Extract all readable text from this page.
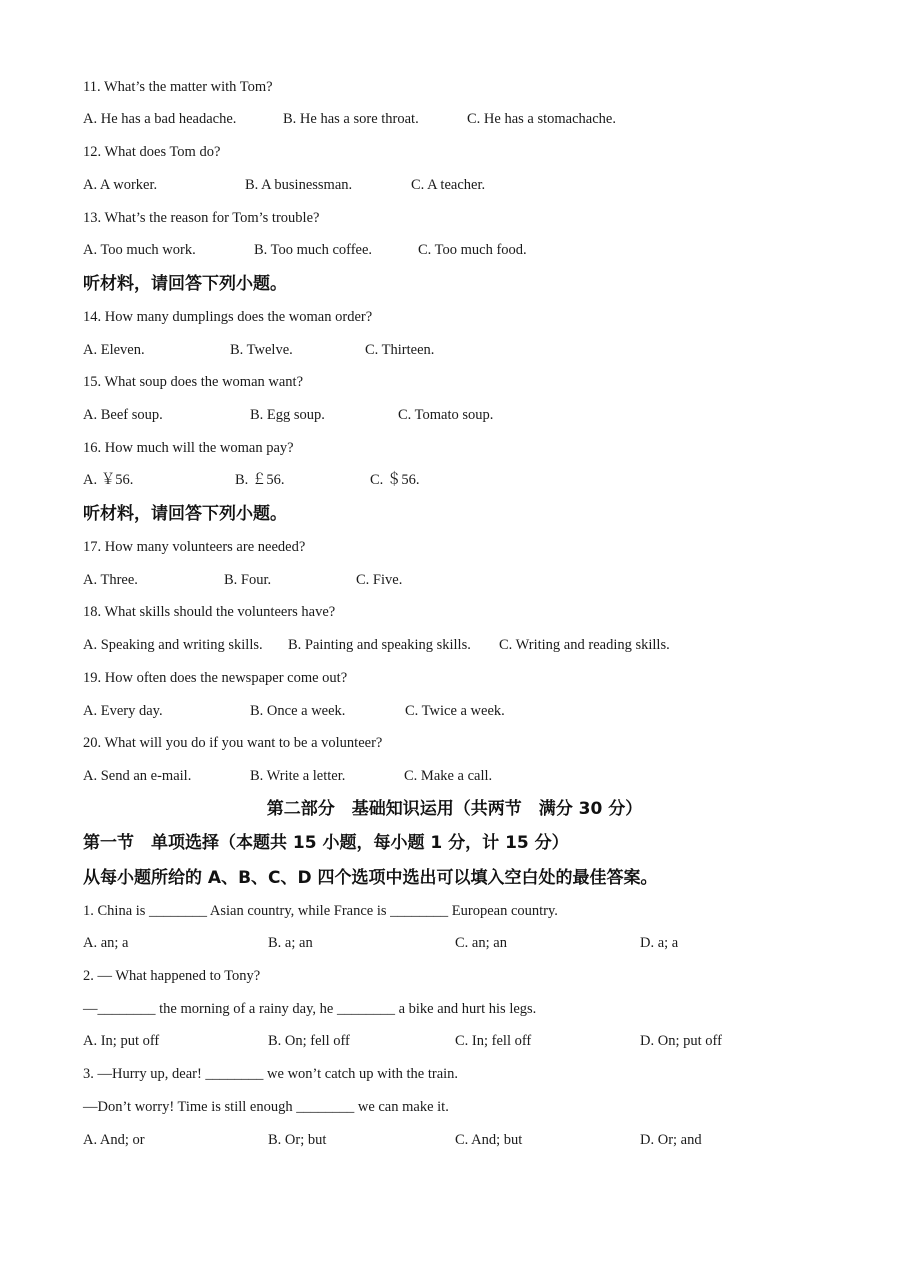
11. What’s the matter with Tom?
A. He has a bad headache.	B. He has a sore throat.	C. He has a stomachache.
12. What does Tom do?
A. A worker.	B. A businessman.	C. A teacher.
13. What’s the reason for Tom’s trouble?
A. Too much work.	B. Too much coffee.	C. Too much food.
听材料，请回答下列小题。
14. How many dumplings does the woman order?
A. Eleven.	B. Twelve.	C. Thirteen.
15. What soup does the woman want?
A. Beef soup.	B. Egg soup.	C. Tomato soup.
16. How much will the woman pay?
A. ￥56.	B. ￡56.	C. ＄56.
听材料，请回答下列小题。
17. How many volunteers are needed?
A. Three.	B. Four.	C. Five.
18. What skills should the volunteers have?
A. Speaking and writing skills. B. Painting and speaking skills. C. Writing and reading skills.
19. How often does the newspaper come out?
A. Every day.	B. Once a week.	C. Twice a week.
20. What will you do if you want to be a volunteer?
A. Send an e-mail.	B. Write a letter.	C. Make a call.
第二部分　基础知识运用（共两节　满分 30 分）
第一节　单项选择（本题共 15 小题，每小题 1 分，计 15 分）
从每小题所给的 A、B、C、D 四个选项中选出可以填入空白处的最佳答案。
1. China is ________ Asian country, while France is ________ European country.
A. an; a	B. a; an	C. an; an	D. a; a
2. — What happened to Tony?
—________ the morning of a rainy day, he ________ a bike and hurt his legs.
A. In; put off	B. On; fell off	C. In; fell off	D. On; put off
3. —Hurry up, dear! ________ we won’t catch up with the train.
—Don’t worry! Time is still enough ________ we can make it.
A. And; or	B. Or; but	C. And; but	D. Or; and
